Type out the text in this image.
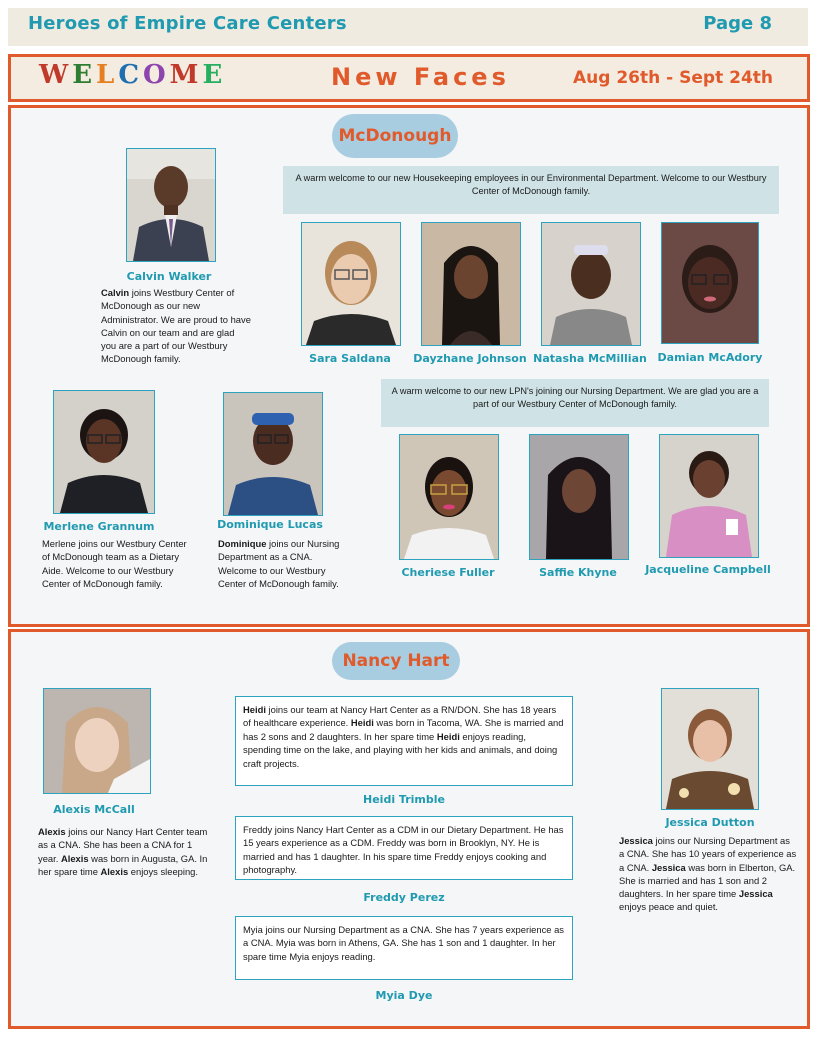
Heroes of Empire Care Centers	Page 8
WELCOME	New Faces	Aug 26th - Sept 24th
McDonough
Calvin Walker
Calvin joins Westbury Center of McDonough as our new Administrator. We are proud to have Calvin on our team and are glad you are a part of our Westbury McDonough family.
A warm welcome to our new Housekeeping employees in our Environmental Department. Welcome to our Westbury Center of McDonough family.
Sara Saldana	Dayzhane Johnson Natasha McMillian Damian McAdory
A warm welcome to our new LPN's joining our Nursing Department. We are glad you are a part of our Westbury Center of McDonough family.
Merlene Grannum
Merlene joins our Westbury Center of McDonough team as a Dietary Aide. Welcome to our Westbury Center of McDonough family.
Dominique Lucas
Dominique joins our Nursing Department as a CNA. Welcome to our Westbury Center of McDonough family.
Cheriese Fuller	Saffie Khyne	Jacqueline Campbell
Nancy Hart
Alexis McCall
Alexis joins our Nancy Hart Center team as a CNA. She has been a CNA for 1 year. Alexis was born in Augusta, GA. In her spare time Alexis enjoys sleeping.
Heidi joins our team at Nancy Hart Center as a RN/DON. She has 18 years of healthcare experience. Heidi was born in Tacoma, WA. She is married and has 2 sons and 2 daughters. In her spare time Heidi enjoys reading, spending time on the lake, and playing with her kids and animals, and doing craft projects.
Heidi Trimble
Freddy joins Nancy Hart Center as a CDM in our Dietary Department. He has 15 years experience as a CDM. Freddy was born in Brooklyn, NY. He is married and has 1 daughter. In his spare time Freddy enjoys cooking and photography.
Freddy Perez
Myia joins our Nursing Department as a CNA. She has 7 years experience as a CNA. Myia was born in Athens, GA. She has 1 son and 1 daughter. In her spare time Myia enjoys reading.
Myia Dye
Jessica Dutton
Jessica joins our Nursing Department as a CNA. She has 10 years of experience as a CNA. Jessica was born in Elberton, GA. She is married and has 1 son and 2 daughters. In her spare time Jessica enjoys peace and quiet.
